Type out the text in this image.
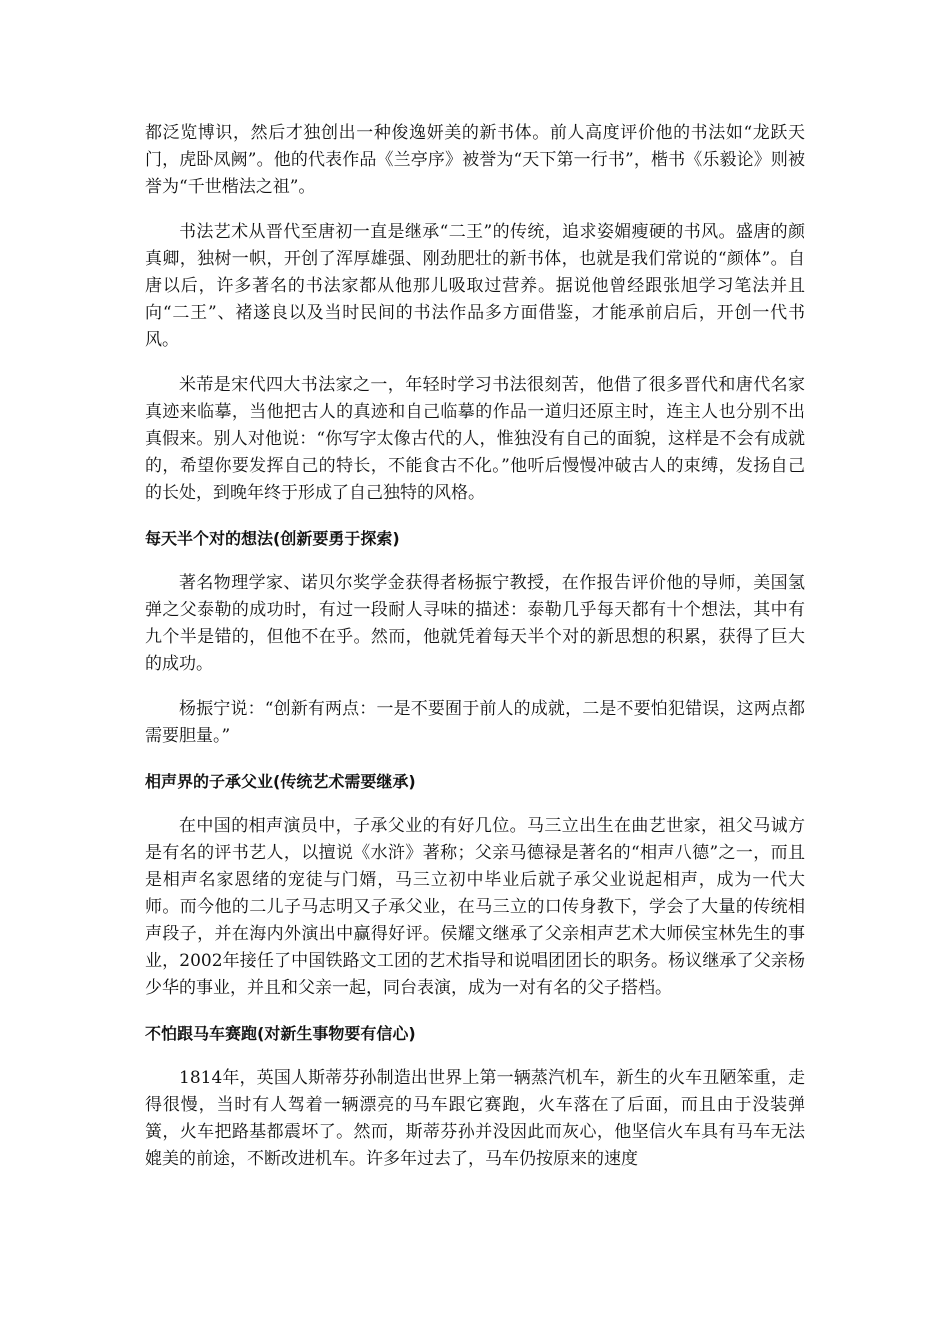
都泛览博识，然后才独创出一种俊逸妍美的新书体。前人高度评价他的书法如“龙跃天门，虎卧凤阙”。他的代表作品《兰亭序》被誉为“天下第一行书”，楷书《乐毅论》则被誉为“千世楷法之祖”。

书法艺术从晋代至唐初一直是继承“二王”的传统，追求姿媚瘦硬的书风。盛唐的颜真卿，独树一帜，开创了浑厚雄强、刚劲肥壮的新书体，也就是我们常说的“颜体”。自唐以后，许多著名的书法家都从他那儿吸取过营养。据说他曾经跟张旭学习笔法并且向“二王”、褚遂良以及当时民间的书法作品多方面借鉴，才能承前启后，开创一代书风。

米芾是宋代四大书法家之一，年轻时学习书法很刻苦，他借了很多晋代和唐代名家真迹来临摹，当他把古人的真迹和自己临摹的作品一道归还原主时，连主人也分别不出真假来。别人对他说：“你写字太像古代的人，惟独没有自己的面貌，这样是不会有成就的，希望你要发挥自己的特长，不能食古不化。”他听后慢慢冲破古人的束缚，发扬自己的长处，到晚年终于形成了自己独特的风格。

每天半个对的想法(创新要勇于探索)

著名物理学家、诺贝尔奖学金获得者杨振宁教授，在作报告评价他的导师，美国氢弹之父泰勒的成功时，有过一段耐人寻味的描述：泰勒几乎每天都有十个想法，其中有九个半是错的，但他不在乎。然而，他就凭着每天半个对的新思想的积累，获得了巨大的成功。

杨振宁说：“创新有两点：一是不要囿于前人的成就，二是不要怕犯错误，这两点都需要胆量。”

相声界的子承父业(传统艺术需要继承)

在中国的相声演员中，子承父业的有好几位。马三立出生在曲艺世家，祖父马诚方是有名的评书艺人，以擅说《水浒》著称；父亲马德禄是著名的“相声八德”之一，而且是相声名家恩绪的宠徒与门婿，马三立初中毕业后就子承父业说起相声，成为一代大师。而今他的二儿子马志明又子承父业，在马三立的口传身教下，学会了大量的传统相声段子，并在海内外演出中赢得好评。侯耀文继承了父亲相声艺术大师侯宝林先生的事业，2002年接任了中国铁路文工团的艺术指导和说唱团团长的职务。杨议继承了父亲杨少华的事业，并且和父亲一起，同台表演，成为一对有名的父子搭档。

不怕跟马车赛跑(对新生事物要有信心)

1814年，英国人斯蒂芬孙制造出世界上第一辆蒸汽机车，新生的火车丑陋笨重，走得很慢，当时有人驾着一辆漂亮的马车跟它赛跑，火车落在了后面，而且由于没装弹簧，火车把路基都震坏了。然而，斯蒂芬孙并没因此而灰心，他坚信火车具有马车无法媲美的前途，不断改进机车。许多年过去了，马车仍按原来的速度
